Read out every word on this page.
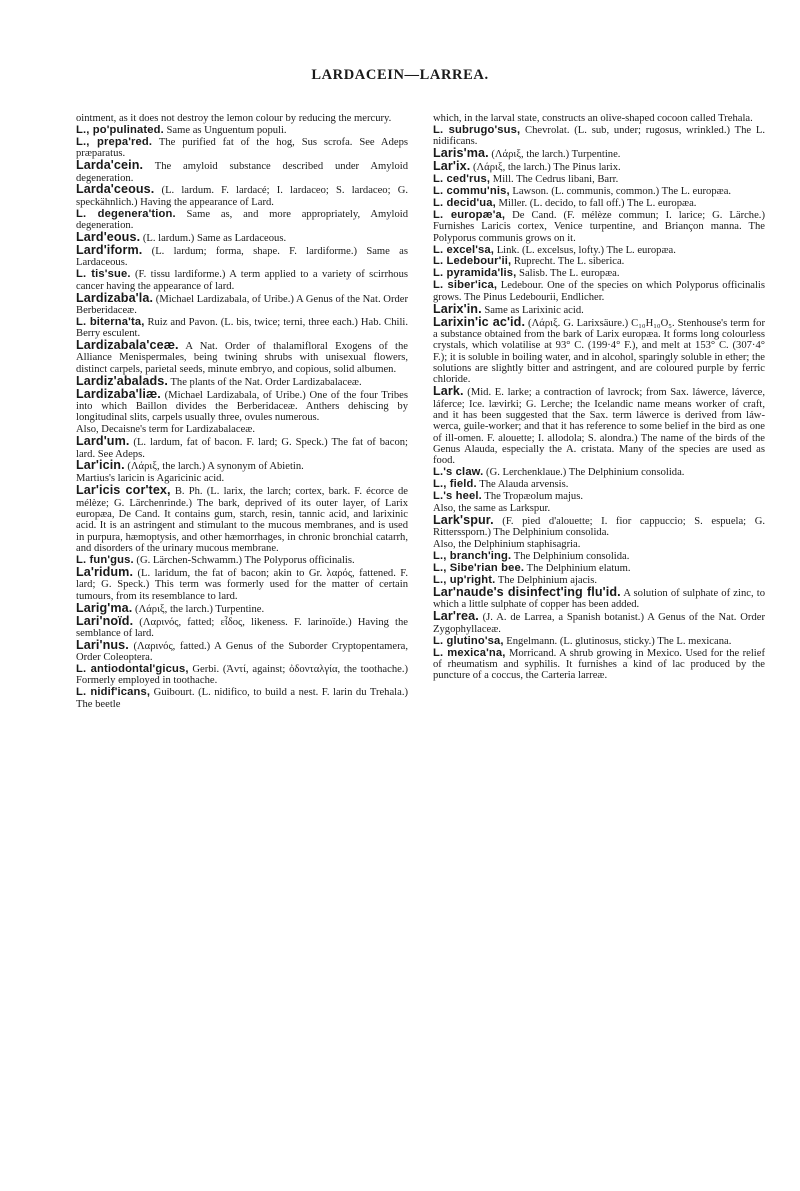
LARDACEIN—LARREA.

ointment, as it does not destroy the lemon colour by reducing the mercury.

L., po'pulinated. Same as Unguentum populi.

L., prepa'red. The purified fat of the hog, Sus scrofa. See Adeps præparatus.

Larda'cein. The amyloid substance described under Amyloid degeneration.

Larda'ceous. (L. lardum. F. lardacé; I. lardaceo; S. lardaceo; G. speckähnlich.) Having the appearance of Lard.

L. degenera'tion. Same as, and more appropriately, Amyloid degeneration.

Lard'eous. (L. lardum.) Same as Lardaceous.

Lard'iform. (L. lardum; forma, shape. F. lardiforme.) Same as Lardaceous.

L. tis'sue. (F. tissu lardiforme.) A term applied to a variety of scirrhous cancer having the appearance of lard.

Lardizaba'la. (Michael Lardizabala, of Uribe.) A Genus of the Nat. Order Berberidaceæ.

L. biterna'ta, Ruiz and Pavon. (L. bis, twice; terni, three each.) Hab. Chili. Berry esculent.

Lardizabala'ceæ. A Nat. Order of thalamifloral Exogens of the Alliance Menispermales, being twining shrubs with unisexual flowers, distinct carpels, parietal seeds, minute embryo, and copious, solid albumen.

Lardiz'abalads. The plants of the Nat. Order Lardizabalaceæ.

Lardizaba'liæ. (Michael Lardizabala, of Uribe.) One of the four Tribes into which Baillon divides the Berberidaceæ. Anthers dehiscing by longitudinal slits, carpels usually three, ovules numerous.

Also, Decaisne's term for Lardizabalaceæ.

Lard'um. (L. lardum, fat of bacon. F. lard; G. Speck.) The fat of bacon; lard. See Adeps.

Lar'icin. (Λάριξ, the larch.) A synonym of Abietin.

Martius's laricin is Agaricinic acid.

Lar'icis cor'tex, B. Ph. (L. larix, the larch; cortex, bark. F. écorce de mélèze; G. Lärchenrinde.) The bark, deprived of its outer layer, of Larix europæa, De Cand. It contains gum, starch, resin, tannic acid, and larixinic acid. It is an astringent and stimulant to the mucous membranes, and is used in purpura, hæmoptysis, and other hæmorrhages, in chronic bronchial catarrh, and disorders of the urinary mucous membrane.

L. fun'gus. (G. Lärchen-Schwamm.) The Polyporus officinalis.

La'ridum. (L. laridum, the fat of bacon; akin to Gr. λαρός, fattened. F. lard; G. Speck.) This term was formerly used for the matter of certain tumours, from its resemblance to lard.

Larig'ma. (Λάριξ, the larch.) Turpentine.

Lari'noïd. (Λαρινός, fatted; εἶδος, likeness. F. larinoïde.) Having the semblance of lard.

Lari'nus. (Λαρινός, fatted.) A Genus of the Suborder Cryptopentamera, Order Coleoptera.

L. antiodontal'gicus, Gerbi. (Ἀντί, against; ὀδονταλγία, the toothache.) Formerly employed in toothache.

L. nidif'icans, Guibourt. (L. nidifico, to build a nest. F. larin du Trehala.) The beetle

which, in the larval state, constructs an olive-shaped cocoon called Trehala.

L. subrugo'sus, Chevrolat. (L. sub, under; rugosus, wrinkled.) The L. nidificans.

Laris'ma. (Λάριξ, the larch.) Turpentine.

Lar'ix. (Λάριξ, the larch.) The Pinus larix.

L. ced'rus, Mill. The Cedrus libani, Barr.

L. commu'nis, Lawson. (L. communis, common.) The L. europæa.

L. decid'ua, Miller. (L. decido, to fall off.) The L. europæa.

L. europæ'a, De Cand. (F. mélèze commun; I. larice; G. Lärche.) Furnishes Laricis cortex, Venice turpentine, and Briançon manna. The Polyporus communis grows on it.

L. excel'sa, Link. (L. excelsus, lofty.) The L. europæa.

L. Ledebour'ii, Ruprecht. The L. siberica.

L. pyramida'lis, Salisb. The L. europæa.

L. siber'ica, Ledebour. One of the species on which Polyporus officinalis grows. The Pinus Ledebourii, Endlicher.

Larix'in. Same as Larixinic acid.

Larixin'ic ac'id. (Λάριξ. G. Larixsäure.) C₁₀H₁₀O₅. Stenhouse's term for a substance obtained from the bark of Larix europæa. It forms long colourless crystals, which volatilise at 93° C. (199·4° F.), and melt at 153° C. (307·4° F.); it is soluble in boiling water, and in alcohol, sparingly soluble in ether; the solutions are slightly bitter and astringent, and are coloured purple by ferric chloride.

Lark. (Mid. E. larke; a contraction of lavrock; from Sax. láwerce, láverce, láferce; Ice. lævirki; G. Lerche; the Icelandic name means worker of craft, and it has been suggested that the Sax. term láwerce is derived from láw-werca, guile-worker; and that it has reference to some belief in the bird as one of ill-omen. F. alouette; I. allodola; S. alondra.) The name of the birds of the Genus Alauda, especially the A. cristata. Many of the species are used as food.

L.'s claw. (G. Lerchenklaue.) The Delphinium consolida.

L., field. The Alauda arvensis.

L.'s heel. The Tropæolum majus.

Also, the same as Larkspur.

Lark'spur. (F. pied d'alouette; I. fior cappuccio; S. espuela; G. Ritterssporn.) The Delphinium consolida.

Also, the Delphinium staphisagria.

L., branch'ing. The Delphinium consolida.

L., Sibe'rian bee. The Delphinium elatum.

L., up'right. The Delphinium ajacis.

Lar'naude's disinfect'ing flu'id. A solution of sulphate of zinc, to which a little sulphate of copper has been added.

Lar'rea. (J. A. de Larrea, a Spanish botanist.) A Genus of the Nat. Order Zygophyllaceæ.

L. glutino'sa, Engelmann. (L. glutinosus, sticky.) The L. mexicana.

L. mexica'na, Morricand. A shrub growing in Mexico. Used for the relief of rheumatism and syphilis. It furnishes a kind of lac produced by the puncture of a coccus, the Carteria larreæ.
